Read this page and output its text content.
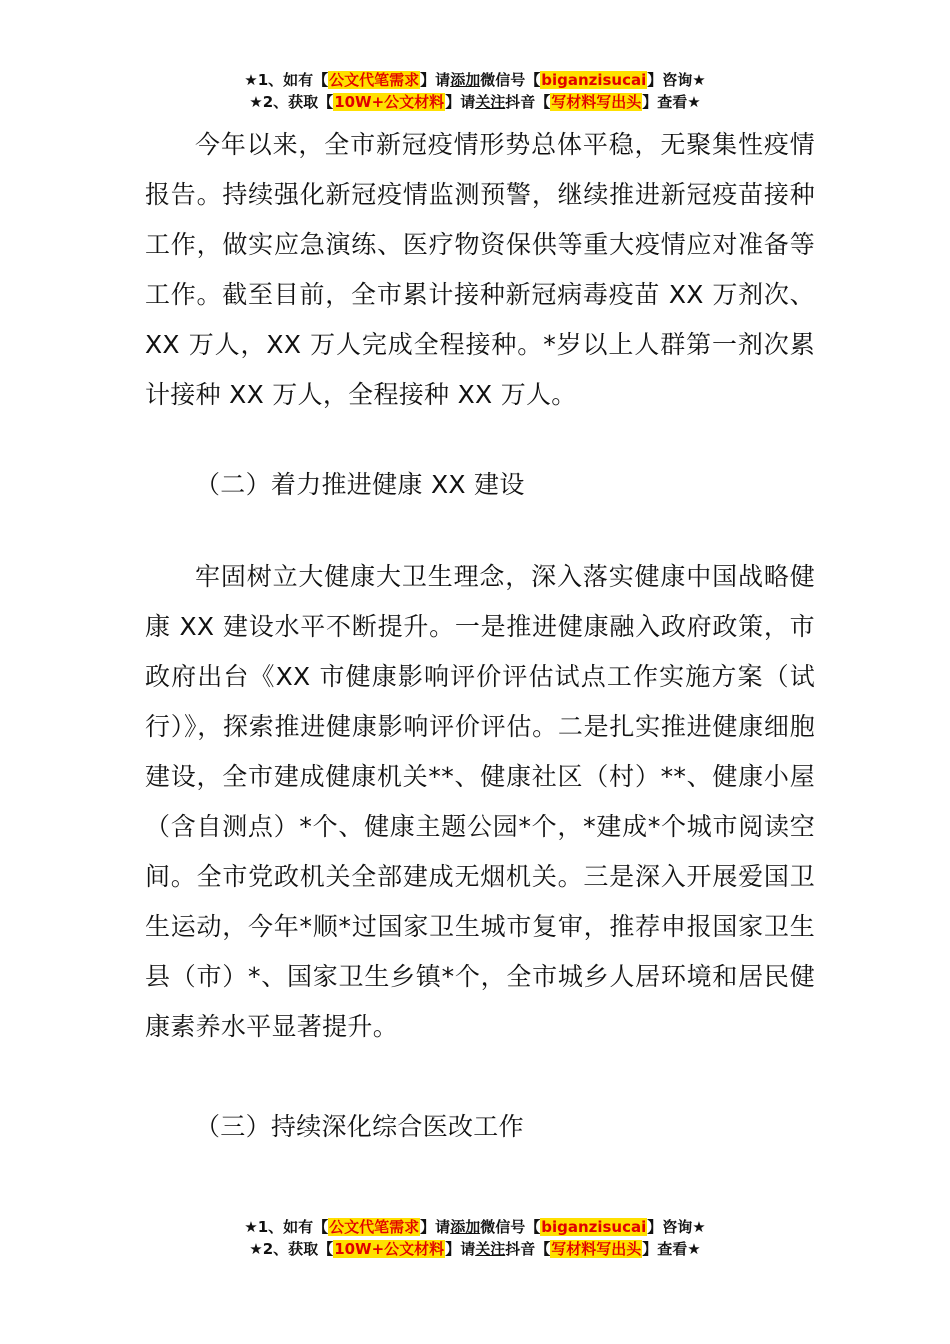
★1、如有【公文代笔需求】请添加微信号【biganzisucai】咨询★
★2、获取【10W+公文材料】请关注抖音【写材料写出头】查看★

今年以来，全市新冠疫情形势总体平稳，无聚集性疫情报告。持续强化新冠疫情监测预警，继续推进新冠疫苗接种工作，做实应急演练、医疗物资保供等重大疫情应对准备等工作。截至目前，全市累计接种新冠病毒疫苗 XX 万剂次、XX 万人，XX 万人完成全程接种。*岁以上人群第一剂次累计接种 XX 万人，全程接种 XX 万人。

（二）着力推进健康 XX 建设

牢固树立大健康大卫生理念，深入落实健康中国战略健康 XX 建设水平不断提升。一是推进健康融入政府政策，市政府出台《XX 市健康影响评价评估试点工作实施方案（试行）》，探索推进健康影响评价评估。二是扎实推进健康细胞建设，全市建成健康机关**、健康社区（村）**、健康小屋（含自测点）*个、健康主题公园*个，*建成*个城市阅读空间。全市党政机关全部建成无烟机关。三是深入开展爱国卫生运动，今年*顺*过国家卫生城市复审，推荐申报国家卫生县（市）*、国家卫生乡镇*个，全市城乡人居环境和居民健康素养水平显著提升。

（三）持续深化综合医改工作

★1、如有【公文代笔需求】请添加微信号【biganzisucai】咨询★
★2、获取【10W+公文材料】请关注抖音【写材料写出头】查看★
